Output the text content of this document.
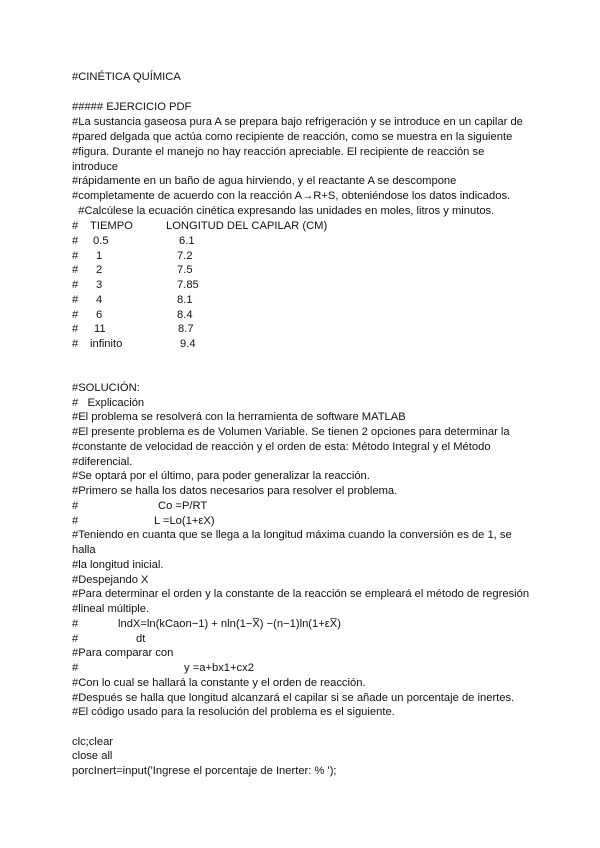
#CINÉTICA QUÍMICA
##### EJERCICIO PDF
#La sustancia gaseosa pura A se prepara bajo refrigeración y se introduce en un capilar de
#pared delgada que actúa como recipiente de reacción, como se muestra en la siguiente
#figura. Durante el manejo no hay reacción apreciable. El recipiente de reacción se
introduce
#rápidamente en un baño de agua hirviendo, y el reactante A se descompone
#completamente de acuerdo con la reacción A→R+S, obteniéndose los datos indicados.
#Calcúlese la ecuación cinética expresando las unidades en moles, litros y minutos.
# TIEMPO	LONGITUD DEL CAPILAR (CM)
# 0.5	6.1
# 1	7.2
# 2	7.5
# 3	7.85
# 4	8.1
# 6	8.4
# 11	8.7
# infinito	9.4
#SOLUCIÓN:
#   Explicación
#El problema se resolverá con la herramienta de software MATLAB
#El presente problema es de Volumen Variable. Se tienen 2 opciones para determinar la
#constante de velocidad de reacción y el orden de esta: Método Integral y el Método
#diferencial.
#Se optará por el último, para poder generalizar la reacción.
#Primero se halla los datos necesarios para resolver el problema.
#	Co =P/RT
#	L =Lo(1+εX)
#Teniendo en cuanta que se llega a la longitud máxima cuando la conversión es de 1, se
halla
#la longitud inicial.
#Despejando X
#Para determinar el orden y la constante de la reacción se empleará el método de regresión
#lineal múltiple.
#	lndX=ln(kCaon−1) + nln(1−X̅) −(n−1)ln(1+εX̅)
#	dt
#Para comparar con
#	y =a+bx1+cx2
#Con lo cual se hallará la constante y el orden de reacción.
#Después se halla que longitud alcanzará el capilar si se añade un porcentaje de inertes.
#El código usado para la resolución del problema es el siguiente.
clc;clear
close all
porcInert=input('Ingrese el porcentaje de Inerter: % ');
